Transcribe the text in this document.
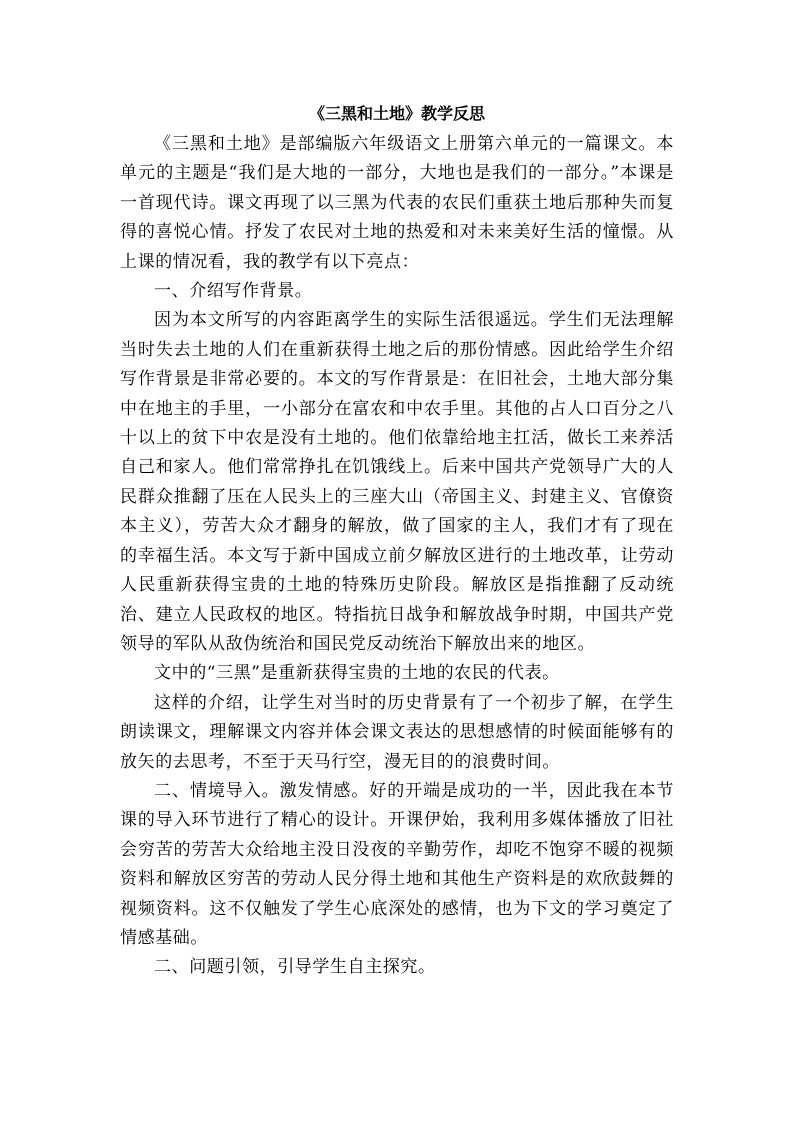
《三黑和土地》教学反思

《三黑和土地》是部编版六年级语文上册第六单元的一篇课文。本单元的主题是“我们是大地的一部分，大地也是我们的一部分。”本课是一首现代诗。课文再现了以三黑为代表的农民们重获土地后那种失而复得的喜悦心情。抒发了农民对土地的热爱和对未来美好生活的憧憬。从上课的情况看，我的教学有以下亮点：

一、介绍写作背景。

因为本文所写的内容距离学生的实际生活很遥远。学生们无法理解当时失去土地的人们在重新获得土地之后的那份情感。因此给学生介绍写作背景是非常必要的。本文的写作背景是：在旧社会，土地大部分集中在地主的手里，一小部分在富农和中农手里。其他的占人口百分之八十以上的贫下中农是没有土地的。他们依靠给地主扛活，做长工来养活自己和家人。他们常常挣扎在饥饿线上。后来中国共产党领导广大的人民群众推翻了压在人民头上的三座大山（帝国主义、封建主义、官僚资本主义），劳苦大众才翻身的解放，做了国家的主人，我们才有了现在的幸福生活。本文写于新中国成立前夕解放区进行的土地改革，让劳动人民重新获得宝贵的土地的特殊历史阶段。解放区是指推翻了反动统治、建立人民政权的地区。特指抗日战争和解放战争时期，中国共产党领导的军队从敌伪统治和国民党反动统治下解放出来的地区。

文中的“三黑”是重新获得宝贵的土地的农民的代表。

这样的介绍，让学生对当时的历史背景有了一个初步了解，在学生朗读课文，理解课文内容并体会课文表达的思想感情的时候面能够有的放矢的去思考，不至于天马行空，漫无目的的浪费时间。

二、情境导入。激发情感。好的开端是成功的一半，因此我在本节课的导入环节进行了精心的设计。开课伊始，我利用多媒体播放了旧社会穷苦的劳苦大众给地主没日没夜的辛勤劳作，却吃不饱穿不暖的视频资料和解放区穷苦的劳动人民分得土地和其他生产资料是的欢欣鼓舞的视频资料。这不仅触发了学生心底深处的感情，也为下文的学习奠定了情感基础。

二、问题引领，引导学生自主探究。
